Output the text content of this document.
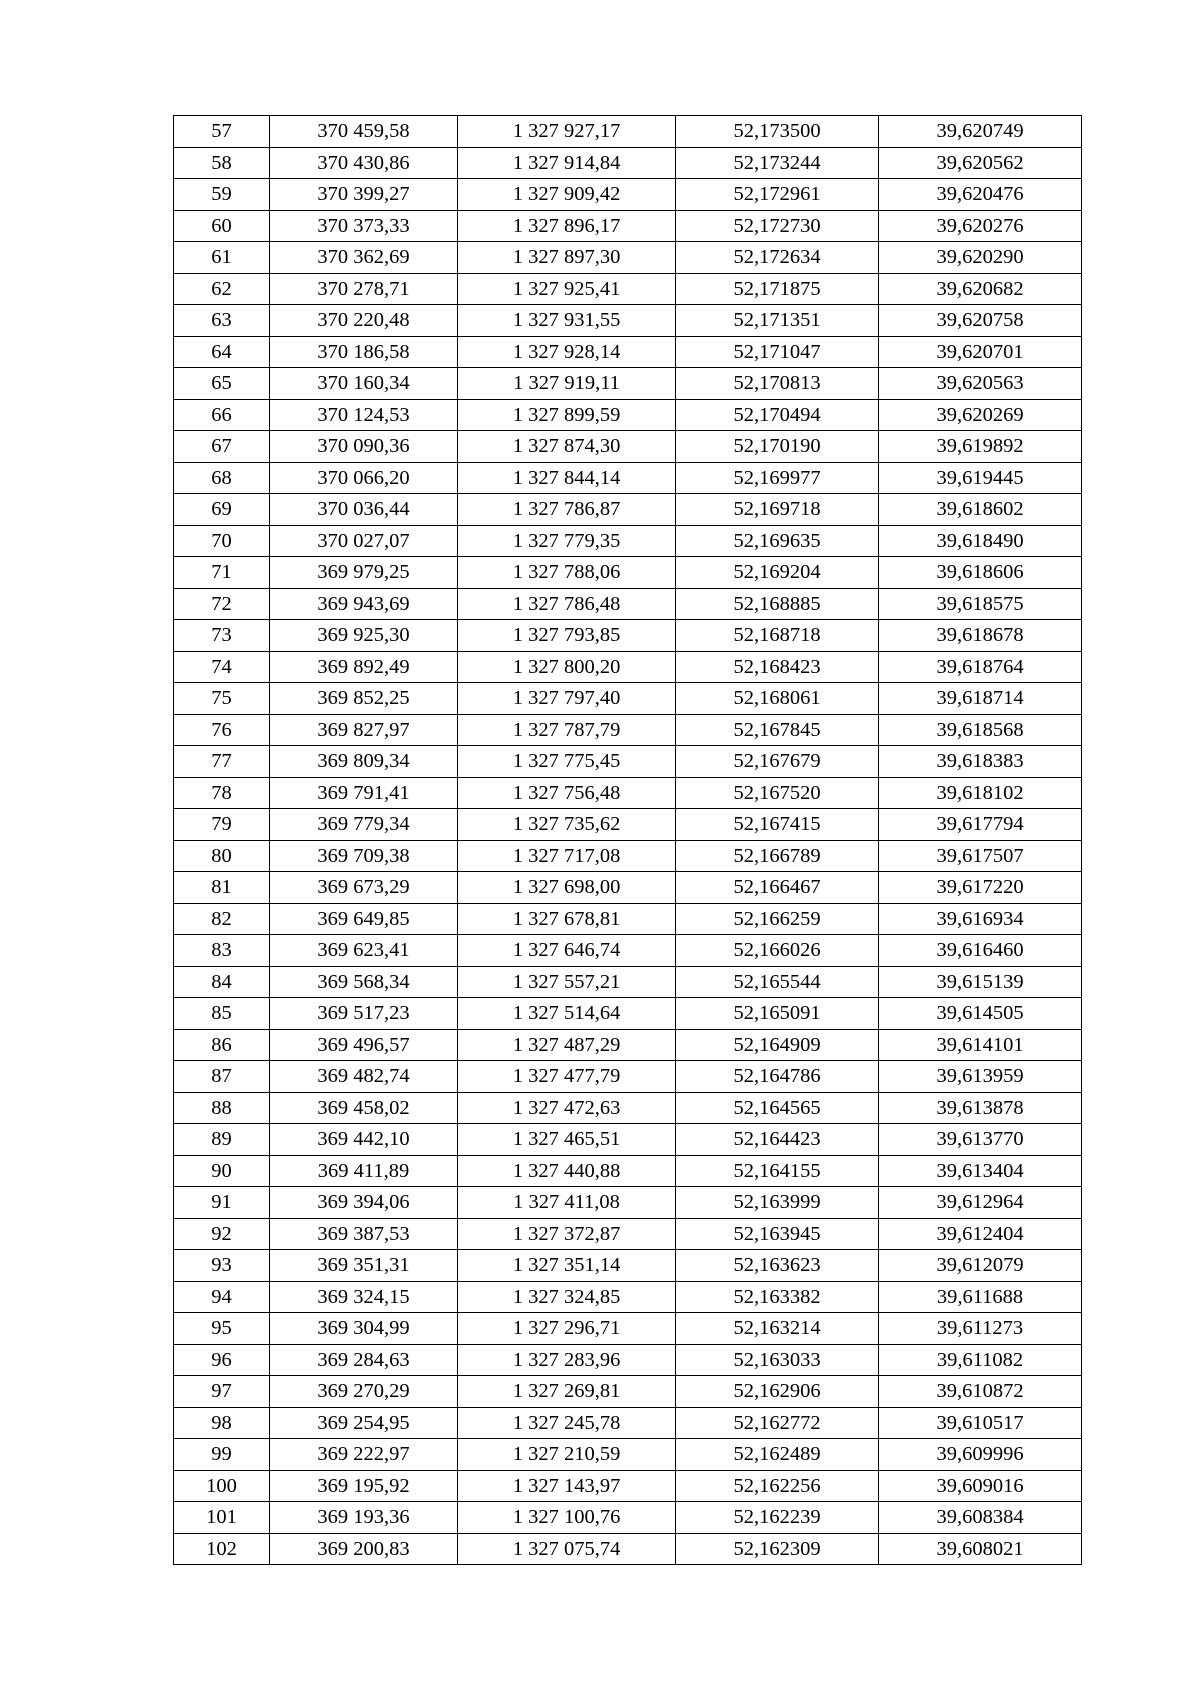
57	370 459,58	1 327 927,17	52,173500	39,620749
58	370 430,86	1 327 914,84	52,173244	39,620562
59	370 399,27	1 327 909,42	52,172961	39,620476
60	370 373,33	1 327 896,17	52,172730	39,620276
61	370 362,69	1 327 897,30	52,172634	39,620290
62	370 278,71	1 327 925,41	52,171875	39,620682
63	370 220,48	1 327 931,55	52,171351	39,620758
64	370 186,58	1 327 928,14	52,171047	39,620701
65	370 160,34	1 327 919,11	52,170813	39,620563
66	370 124,53	1 327 899,59	52,170494	39,620269
67	370 090,36	1 327 874,30	52,170190	39,619892
68	370 066,20	1 327 844,14	52,169977	39,619445
69	370 036,44	1 327 786,87	52,169718	39,618602
70	370 027,07	1 327 779,35	52,169635	39,618490
71	369 979,25	1 327 788,06	52,169204	39,618606
72	369 943,69	1 327 786,48	52,168885	39,618575
73	369 925,30	1 327 793,85	52,168718	39,618678
74	369 892,49	1 327 800,20	52,168423	39,618764
75	369 852,25	1 327 797,40	52,168061	39,618714
76	369 827,97	1 327 787,79	52,167845	39,618568
77	369 809,34	1 327 775,45	52,167679	39,618383
78	369 791,41	1 327 756,48	52,167520	39,618102
79	369 779,34	1 327 735,62	52,167415	39,617794
80	369 709,38	1 327 717,08	52,166789	39,617507
81	369 673,29	1 327 698,00	52,166467	39,617220
82	369 649,85	1 327 678,81	52,166259	39,616934
83	369 623,41	1 327 646,74	52,166026	39,616460
84	369 568,34	1 327 557,21	52,165544	39,615139
85	369 517,23	1 327 514,64	52,165091	39,614505
86	369 496,57	1 327 487,29	52,164909	39,614101
87	369 482,74	1 327 477,79	52,164786	39,613959
88	369 458,02	1 327 472,63	52,164565	39,613878
89	369 442,10	1 327 465,51	52,164423	39,613770
90	369 411,89	1 327 440,88	52,164155	39,613404
91	369 394,06	1 327 411,08	52,163999	39,612964
92	369 387,53	1 327 372,87	52,163945	39,612404
93	369 351,31	1 327 351,14	52,163623	39,612079
94	369 324,15	1 327 324,85	52,163382	39,611688
95	369 304,99	1 327 296,71	52,163214	39,611273
96	369 284,63	1 327 283,96	52,163033	39,611082
97	369 270,29	1 327 269,81	52,162906	39,610872
98	369 254,95	1 327 245,78	52,162772	39,610517
99	369 222,97	1 327 210,59	52,162489	39,609996
100	369 195,92	1 327 143,97	52,162256	39,609016
101	369 193,36	1 327 100,76	52,162239	39,608384
102	369 200,83	1 327 075,74	52,162309	39,608021
